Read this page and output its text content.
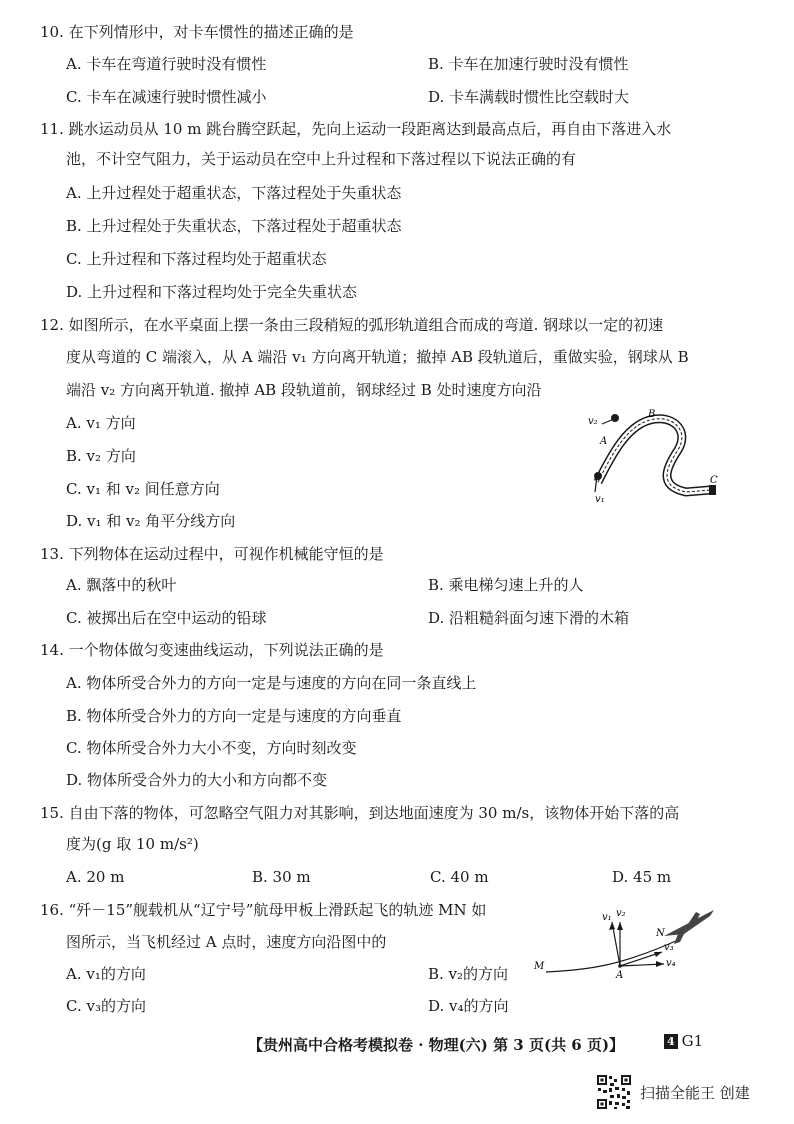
10. 在下列情形中，对卡车惯性的描述正确的是
A. 卡车在弯道行驶时没有惯性	B. 卡车在加速行驶时没有惯性
C. 卡车在减速行驶时惯性减小	D. 卡车满载时惯性比空载时大
11. 跳水运动员从 10 m 跳台腾空跃起，先向上运动一段距离达到最高点后，再自由下落进入水
池，不计空气阻力，关于运动员在空中上升过程和下落过程以下说法正确的有
A. 上升过程处于超重状态，下落过程处于失重状态
B. 上升过程处于失重状态，下落过程处于超重状态
C. 上升过程和下落过程均处于超重状态
D. 上升过程和下落过程均处于完全失重状态
12. 如图所示，在水平桌面上摆一条由三段稍短的弧形轨道组合而成的弯道. 钢球以一定的初速
度从弯道的 C 端滚入，从 A 端沿 v₁ 方向离开轨道；撤掉 AB 段轨道后，重做实验，钢球从 B
端沿 v₂ 方向离开轨道. 撤掉 AB 段轨道前，钢球经过 B 处时速度方向沿
A. v₁ 方向
B. v₂ 方向
C. v₁ 和 v₂ 间任意方向
D. v₁ 和 v₂ 角平分线方向
v₂
B
A
C
v₁
13. 下列物体在运动过程中，可视作机械能守恒的是
A. 飘落中的秋叶	B. 乘电梯匀速上升的人
C. 被掷出后在空中运动的铅球	D. 沿粗糙斜面匀速下滑的木箱
14. 一个物体做匀变速曲线运动，下列说法正确的是
A. 物体所受合外力的方向一定是与速度的方向在同一条直线上
B. 物体所受合外力的方向一定是与速度的方向垂直
C. 物体所受合外力大小不变，方向时刻改变
D. 物体所受合外力的大小和方向都不变
15. 自由下落的物体，可忽略空气阻力对其影响，到达地面速度为 30 m/s，该物体开始下落的高
度为(g 取 10 m/s²)
A. 20 m	B. 30 m	C. 40 m	D. 45 m
16. “歼－15”舰载机从“辽宁号”航母甲板上滑跃起飞的轨迹 MN 如
图所示，当飞机经过 A 点时，速度方向沿图中的
A. v₁的方向	B. v₂的方向
C. v₃的方向	D. v₄的方向
v₁ v₂
N
v₃
v₄
M
A
【贵州高中合格考模拟卷 · 物理(六) 第 3 页(共 6 页)】	4 G1
扫描全能王 创建
